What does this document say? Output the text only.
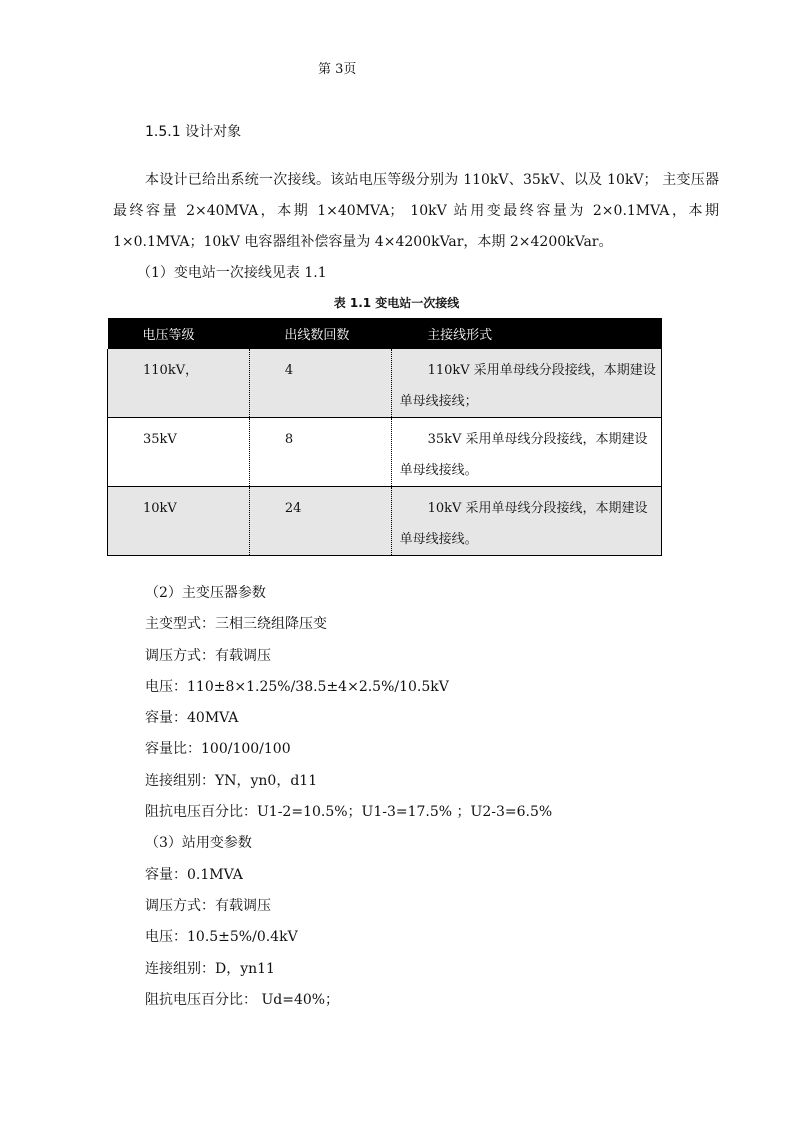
第 3页
1.5.1 设计对象

本设计已给出系统一次接线。该站电压等级分别为 110kV、35kV、以及 10kV； 主变压器最终容量 2×40MVA，本期 1×40MVA； 10kV 站用变最终容量为 2×0.1MVA，本期 1×0.1MVA；10kV 电容器组补偿容量为 4×4200kVar，本期 2×4200kVar。

（1）变电站一次接线见表 1.1

表 1.1 变电站一次接线
电压等级	出线数回数	主接线形式
110kV，	4	110kV 采用单母线分段接线，本期建设单母线接线；
35kV	8	35kV 采用单母线分段接线，本期建设单母线接线。
10kV	24	10kV 采用单母线分段接线，本期建设单母线接线。
（2）主变压器参数
主变型式：三相三绕组降压变
调压方式：有载调压
电压：110±8×1.25%/38.5±4×2.5%/10.5kV
容量：40MVA
容量比：100/100/100
连接组别：YN，yn0，d11
阻抗电压百分比：U1-2=10.5%；U1-3=17.5% ；U2-3=6.5%
（3）站用变参数
容量：0.1MVA
调压方式：有载调压
电压：10.5±5%/0.4kV
连接组别：D，yn11
阻抗电压百分比： Ud=40%；
